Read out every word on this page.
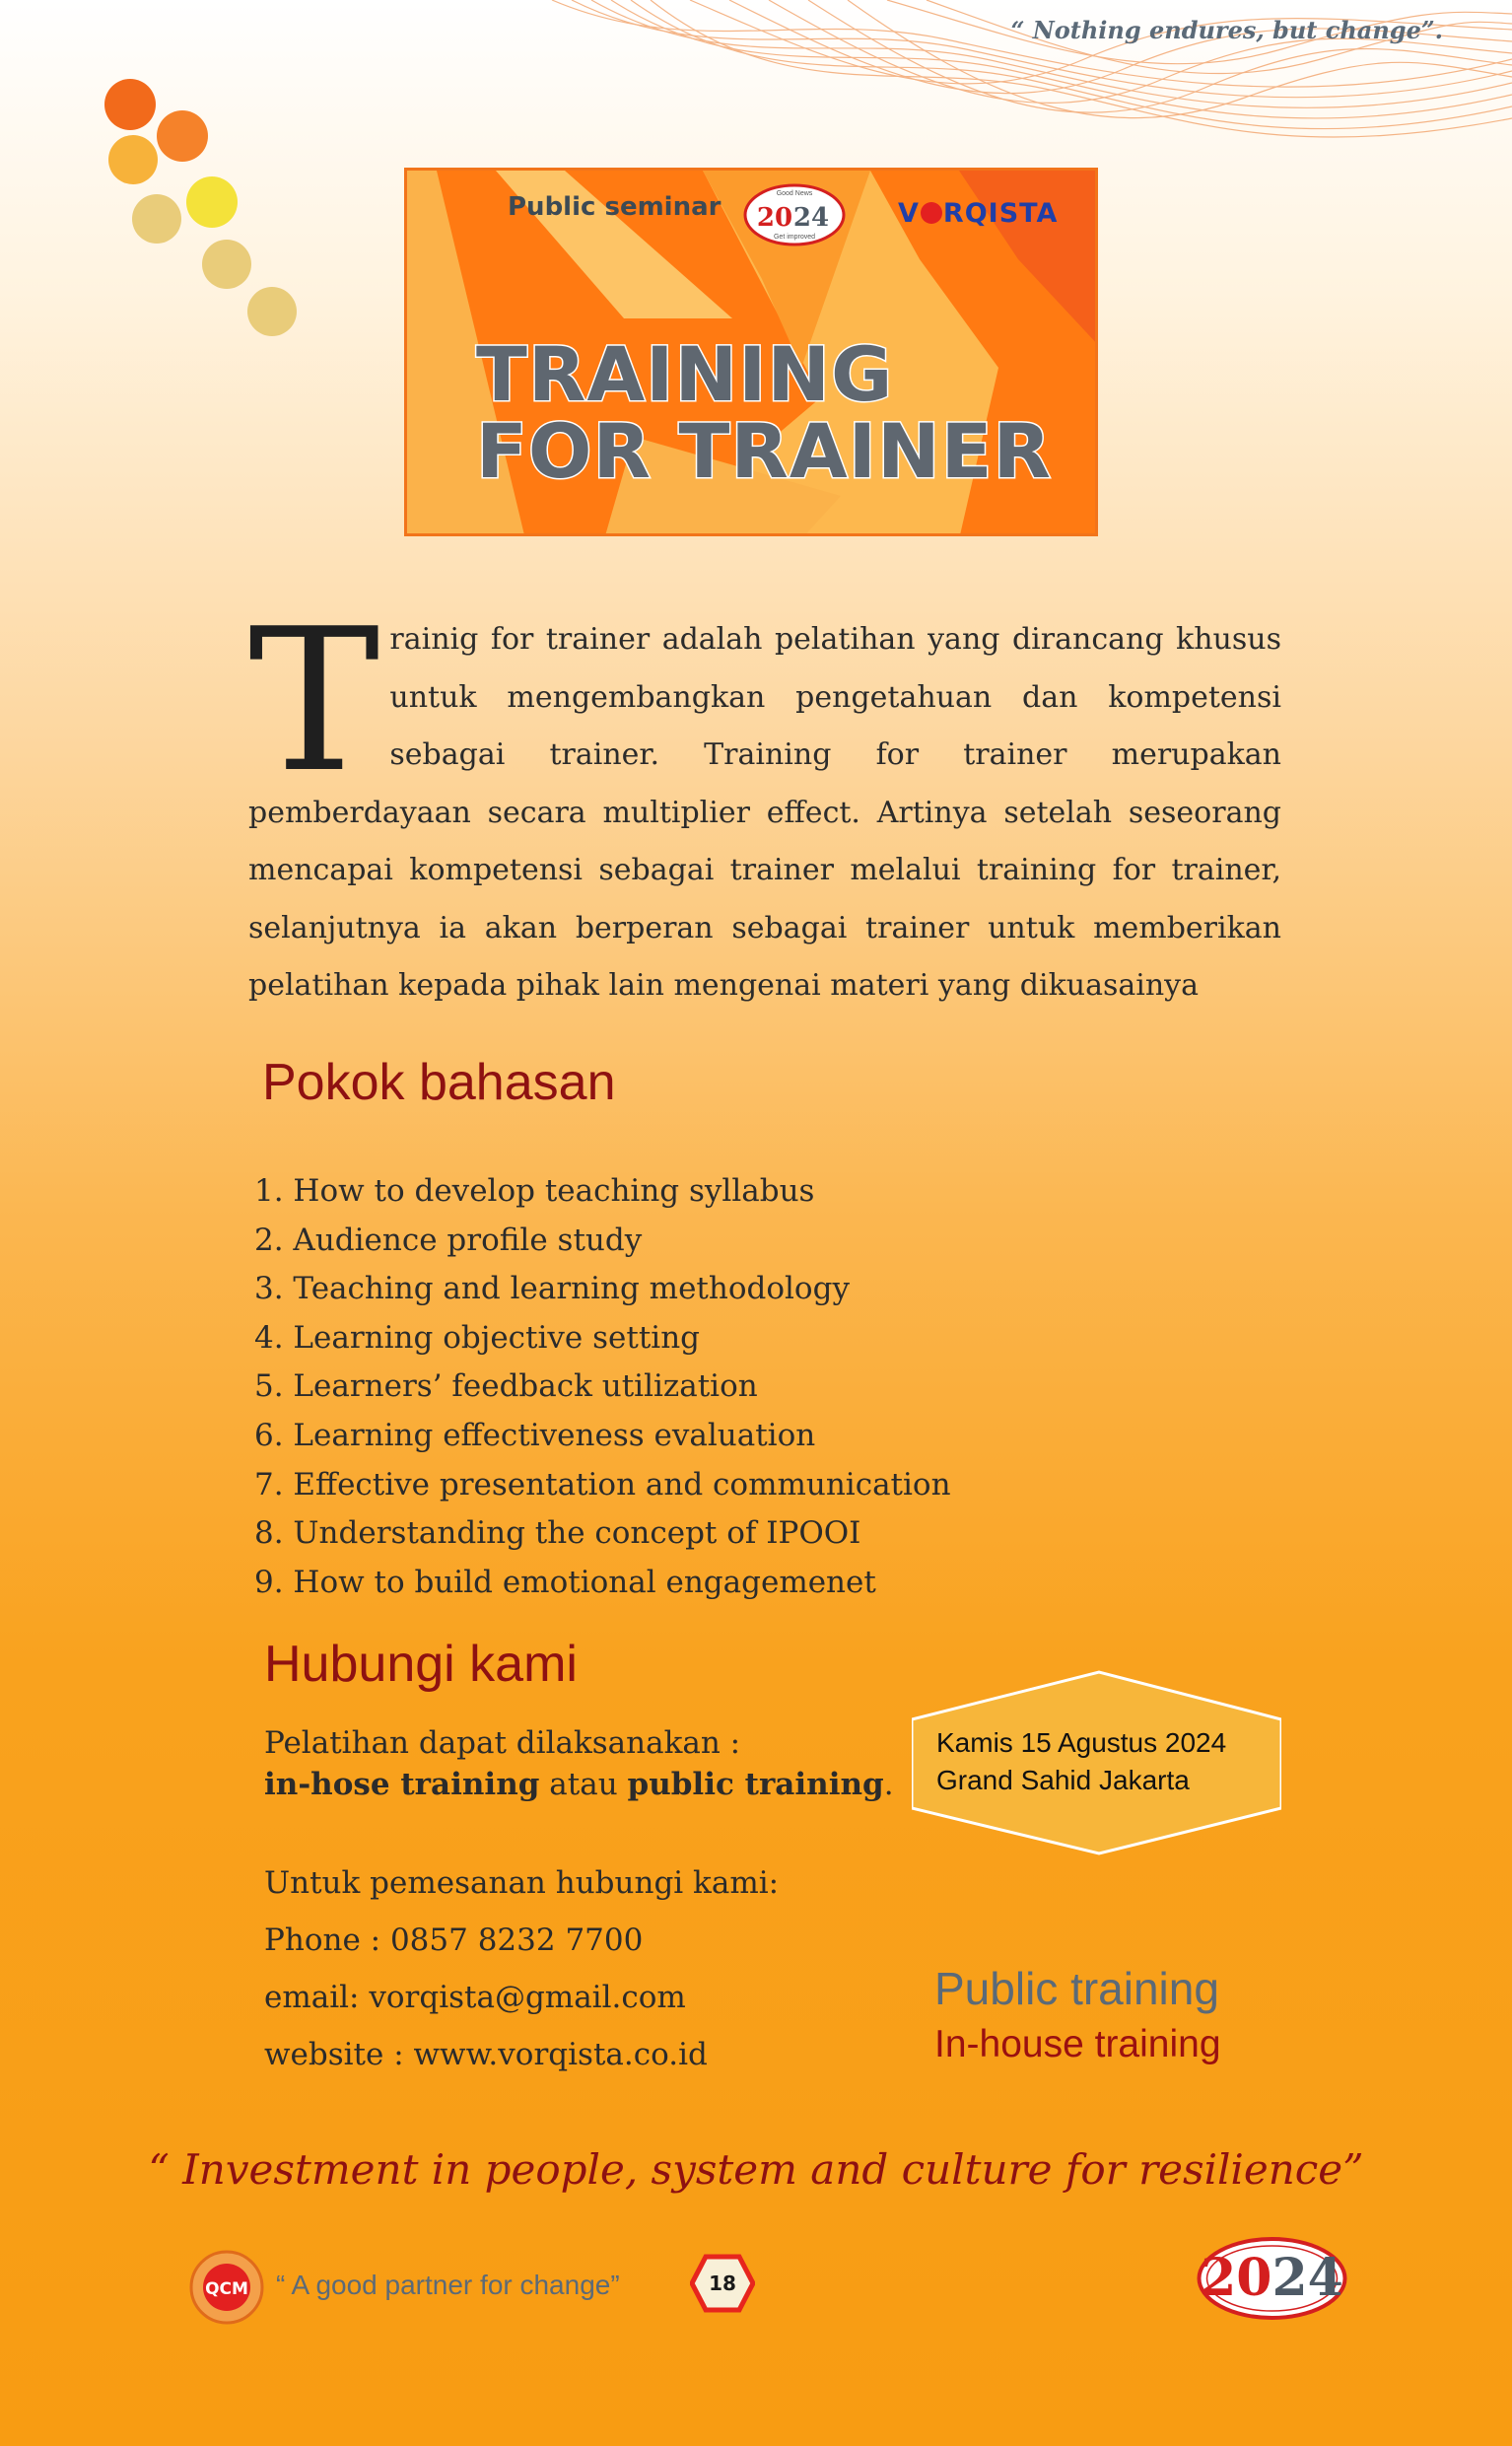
“ Nothing endures, but change”.
Public seminar	Good News
20 24
Get improved
V RQISTA
TRAINING
FOR TRAINER
Trainig for trainer adalah pelatihan yang dirancang khusus untuk mengembangkan pengetahuan dan kompetensi sebagai trainer. Training for trainer merupakan pemberdayaan secara multiplier effect. Artinya setelah seseorang mencapai kompetensi sebagai trainer melalui training for trainer, selanjutnya ia akan berperan sebagai trainer untuk memberikan pelatihan kepada pihak lain mengenai materi yang dikuasainya
Pokok bahasan
1. How to develop teaching syllabus
2. Audience profile study
3. Teaching and learning methodology
4. Learning objective setting
5. Learners’ feedback utilization
6. Learning effectiveness evaluation
7. Effective presentation and communication
8. Understanding the concept of IPOOI
9. How to build emotional engagemenet
Hubungi kami
Pelatihan dapat dilaksanakan :
in-hose training atau public training.
Untuk pemesanan hubungi kami:
Phone : 0857 8232 7700
email: vorqista@gmail.com
website : www.vorqista.co.id
Kamis 15 Agustus 2024
Grand Sahid Jakarta
Public training
In-house training
“ Investment in people, system and culture for resilience”
QCM “ A good partner for change”	18	2024
